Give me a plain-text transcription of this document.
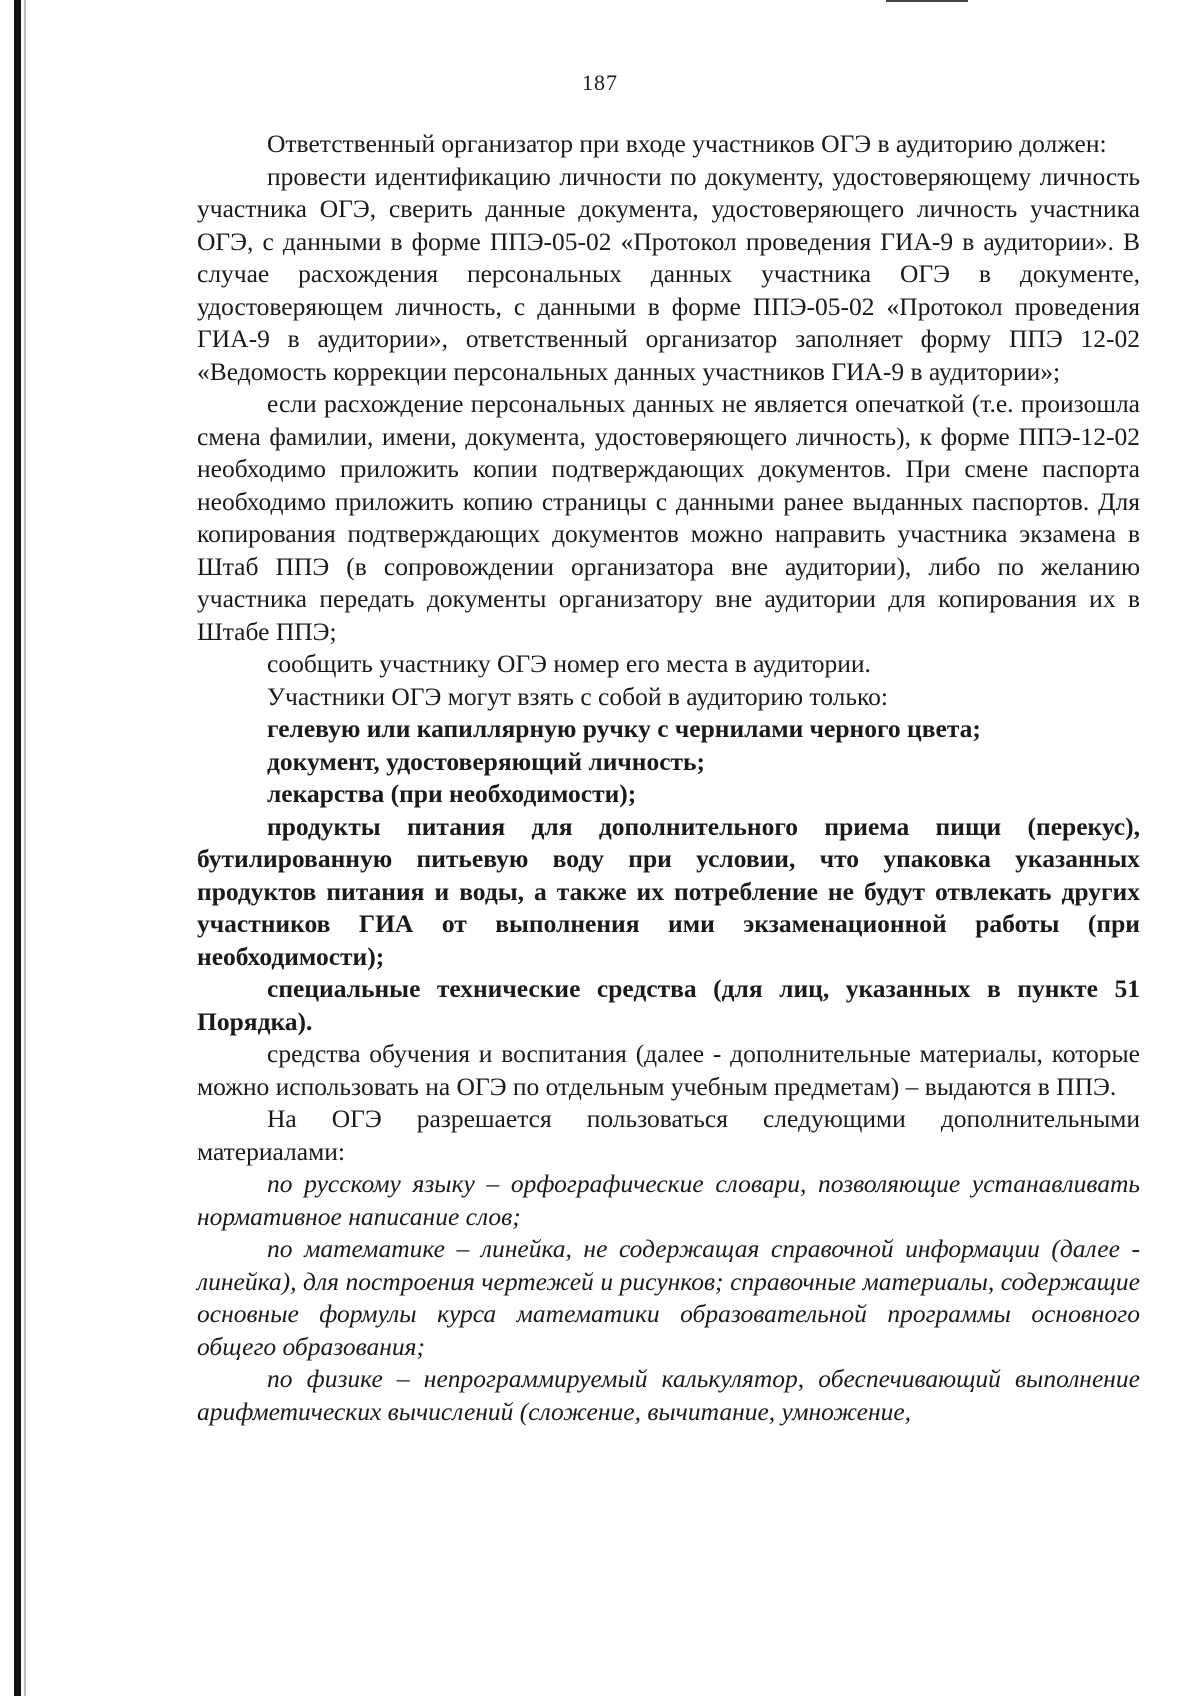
187

Ответственный организатор при входе участников ОГЭ в аудиторию должен:

провести идентификацию личности по документу, удостоверяющему личность участника ОГЭ, сверить данные документа, удостоверяющего личность участника ОГЭ, с данными в форме ППЭ-05-02 «Протокол проведения ГИА-9 в аудитории». В случае расхождения персональных данных участника ОГЭ в документе, удостоверяющем личность, с данными в форме ППЭ-05-02 «Протокол проведения ГИА-9 в аудитории», ответственный организатор заполняет форму ППЭ 12-02 «Ведомость коррекции персональных данных участников ГИА-9 в аудитории»;

если расхождение персональных данных не является опечаткой (т.е. произошла смена фамилии, имени, документа, удостоверяющего личность), к форме ППЭ-12-02 необходимо приложить копии подтверждающих документов. При смене паспорта необходимо приложить копию страницы с данными ранее выданных паспортов. Для копирования подтверждающих документов можно направить участника экзамена в Штаб ППЭ (в сопровождении организатора вне аудитории), либо по желанию участника передать документы организатору вне аудитории для копирования их в Штабе ППЭ;

сообщить участнику ОГЭ номер его места в аудитории.

Участники ОГЭ могут взять с собой в аудиторию только:

гелевую или капиллярную ручку с чернилами черного цвета;

документ, удостоверяющий личность;

лекарства (при необходимости);

продукты питания для дополнительного приема пищи (перекус), бутилированную питьевую воду при условии, что упаковка указанных продуктов питания и воды, а также их потребление не будут отвлекать других участников ГИА от выполнения ими экзаменационной работы (при необходимости);

специальные технические средства (для лиц, указанных в пункте 51 Порядка).

средства обучения и воспитания (далее - дополнительные материалы, которые можно использовать на ОГЭ по отдельным учебным предметам) – выдаются в ППЭ.

На ОГЭ разрешается пользоваться следующими дополнительными материалами:

по русскому языку – орфографические словари, позволяющие устанавливать нормативное написание слов;

по математике – линейка, не содержащая справочной информации (далее - линейка), для построения чертежей и рисунков; справочные материалы, содержащие основные формулы курса математики образовательной программы основного общего образования;

по физике – непрограммируемый калькулятор, обеспечивающий выполнение арифметических вычислений (сложение, вычитание, умножение,
